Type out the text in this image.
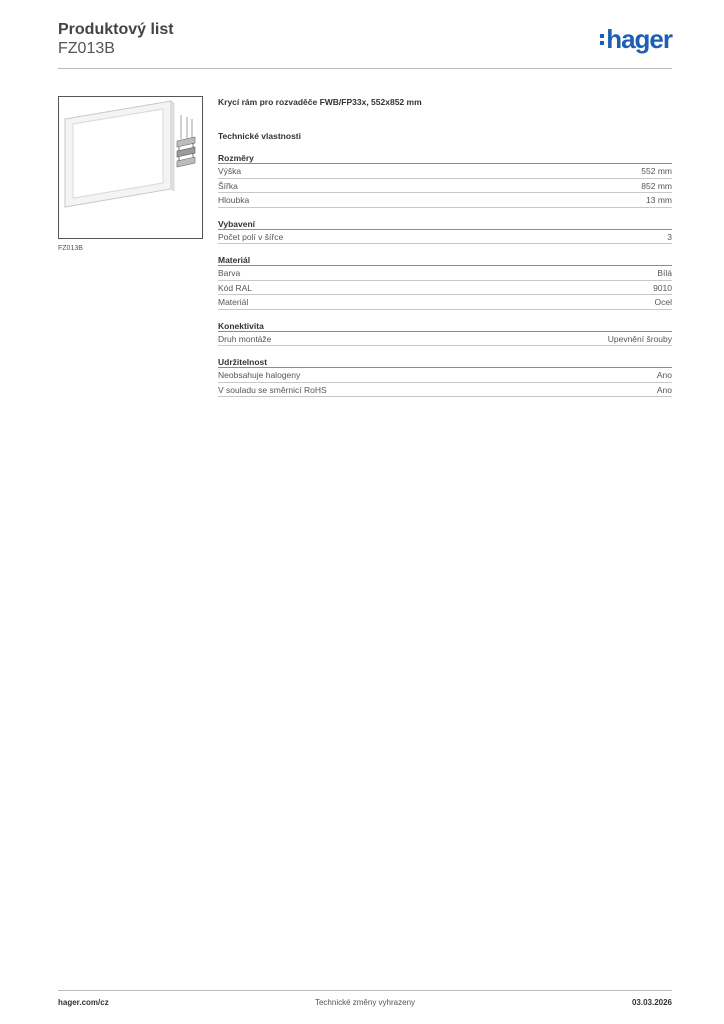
Produktový list
FZ013B	hager
FZ013B
Krycí rám pro rozvaděče FWB/FP33x, 552x852 mm
Technické vlastnosti
Rozměry
Výška	552 mm
Šířka	852 mm
Hloubka	13 mm
Vybavení
Počet polí v šířce	3
Materiál
Barva	Bílá
Kód RAL	9010
Materiál	Ocel
Konektivita
Druh montáže	Upevnění šrouby
Udržitelnost
Neobsahuje halogeny	Ano
V souladu se směrnicí RoHS	Ano
hager.com/cz	Technické změny vyhrazeny	03.03.2026
